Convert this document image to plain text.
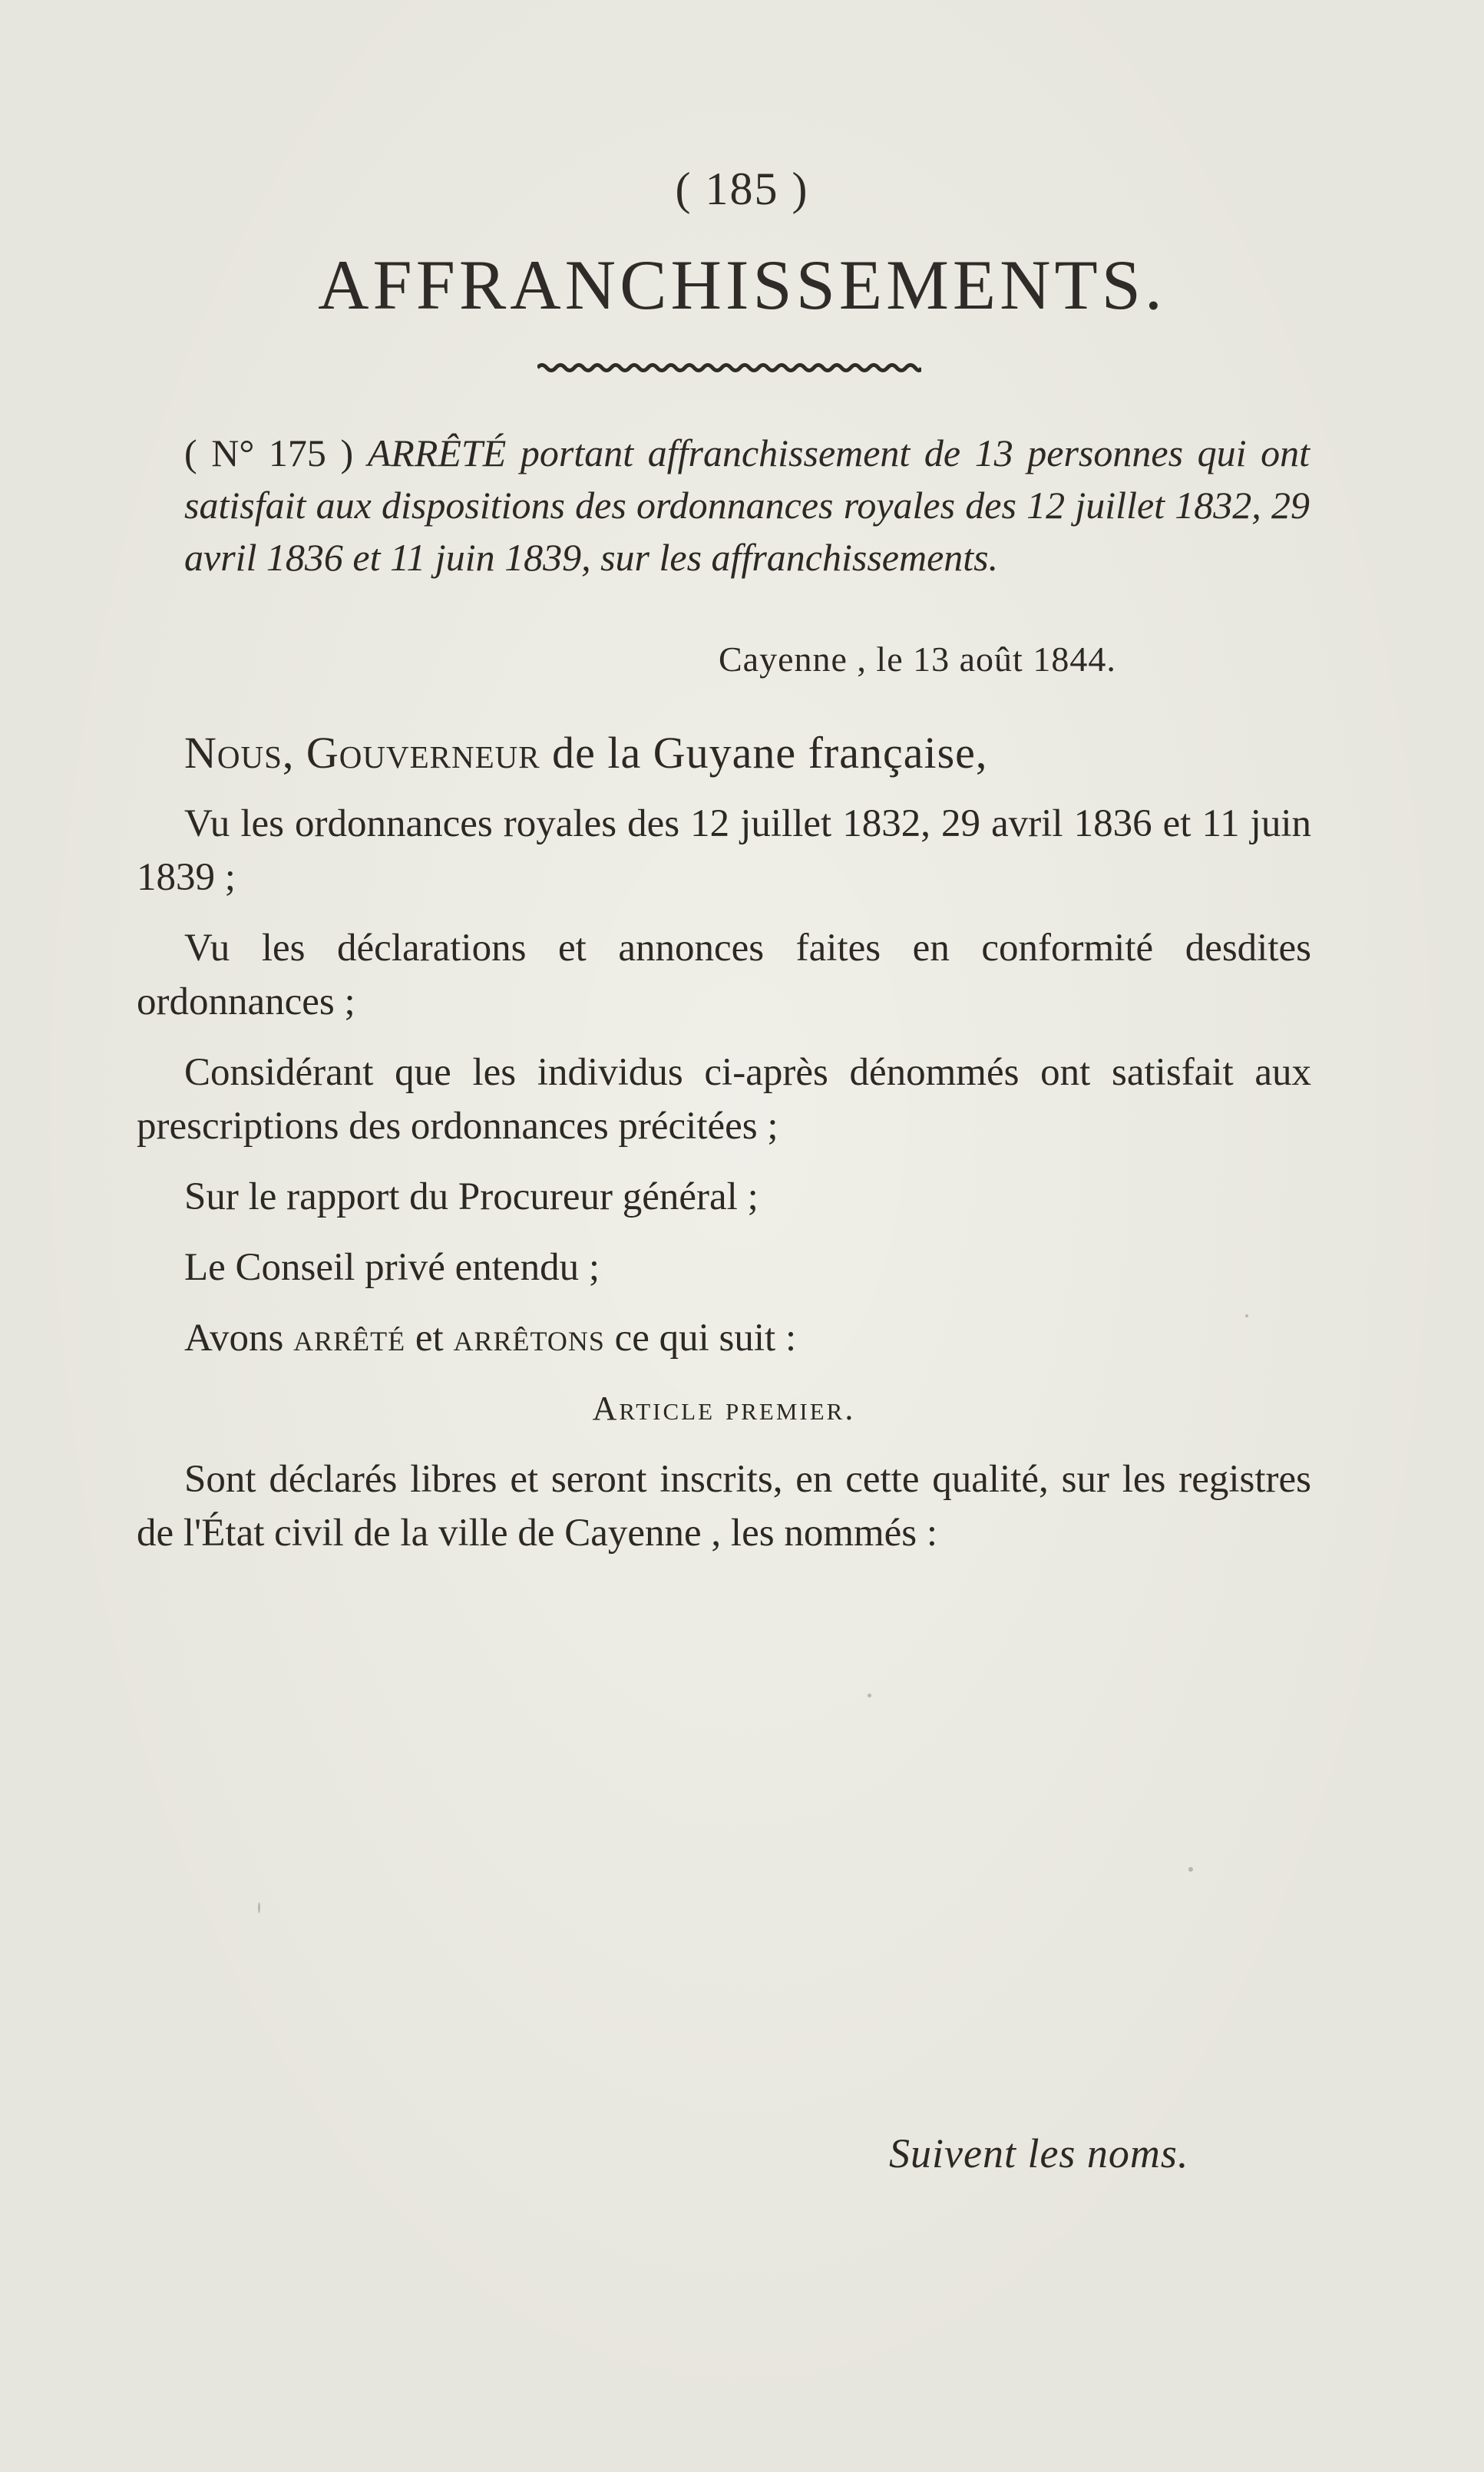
( 185 )
AFFRANCHISSEMENTS.
( N° 175 ) ARRÊTÉ portant affranchissement de 13 personnes qui ont satisfait aux dispositions des ordonnances royales des 12 juillet 1832, 29 avril 1836 et 11 juin 1839, sur les affranchissements.
Cayenne , le 13 août 1844.

Nous, Gouverneur de la Guyane française,

Vu les ordonnances royales des 12 juillet 1832, 29 avril 1836 et 11 juin 1839 ;

Vu les déclarations et annonces faites en conformité desdites ordonnances ;

Considérant que les individus ci-après dénommés ont satisfait aux prescriptions des ordonnances précitées ;

Sur le rapport du Procureur général ;

Le Conseil privé entendu ;

Avons arrêté et arrêtons ce qui suit :

Article premier.

Sont déclarés libres et seront inscrits, en cette qualité, sur les registres de l'État civil de la ville de Cayenne , les nommés :

Suivent les noms.
